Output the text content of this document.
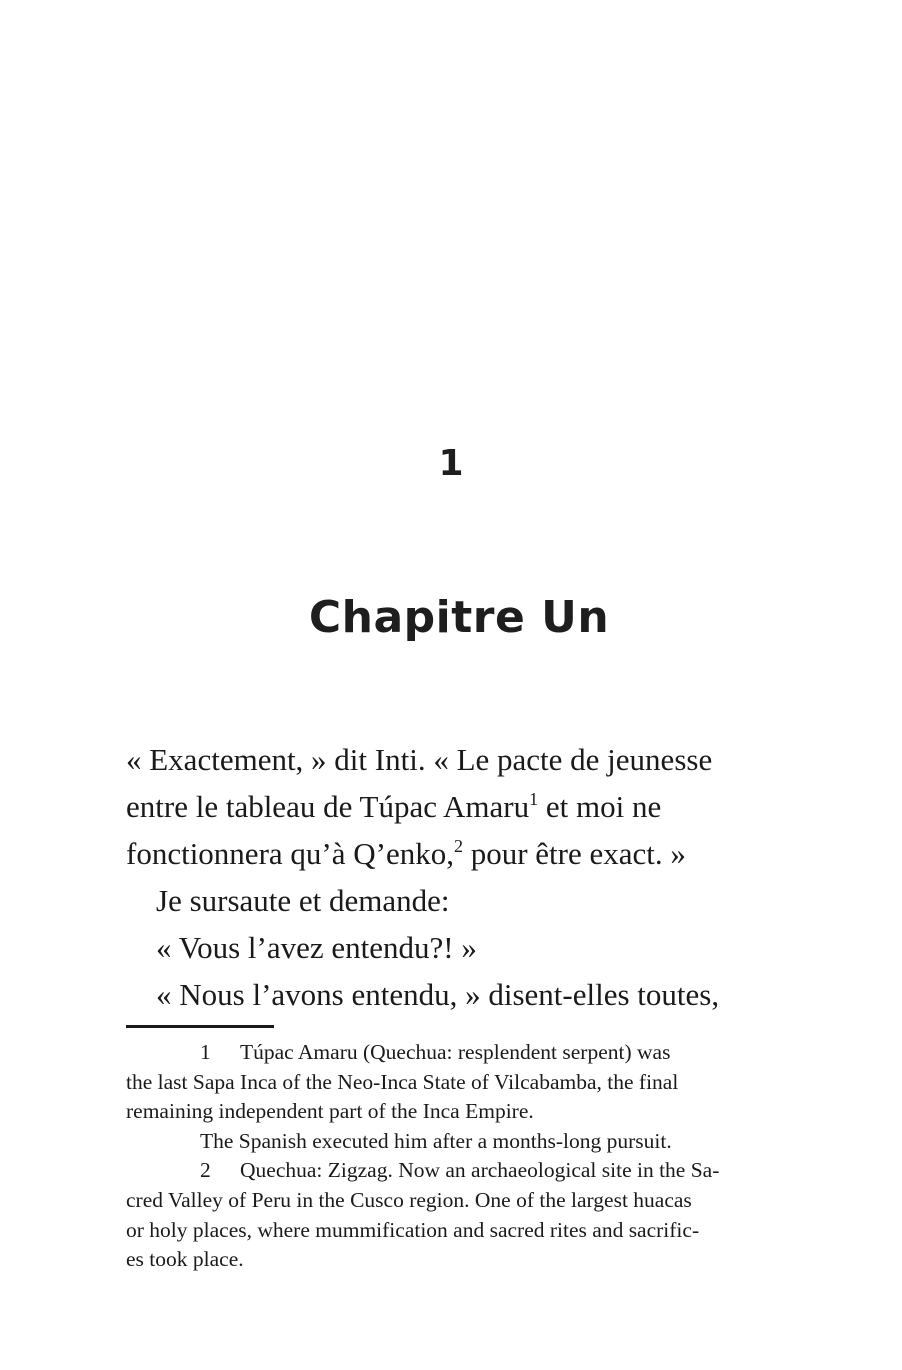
1
Chapitre Un

« Exactement, » dit Inti. « Le pacte de jeunesse

entre le tableau de Túpac Amaru$^1$ et moi ne

fonctionnera qu’à Q’enko,$^2$ pour être exact. »

Je sursaute et demande:

« Vous l’avez entendu?! »

« Nous l’avons entendu, » disent-elles toutes,

1 Túpac Amaru (Quechua: resplendent serpent) was

the last Sapa Inca of the Neo-Inca State of Vilcabamba, the final

remaining independent part of the Inca Empire.

The Spanish executed him after a months-long pursuit.

2 Quechua: Zigzag. Now an archaeological site in the Sa-

cred Valley of Peru in the Cusco region. One of the largest huacas

or holy places, where mummification and sacred rites and sacrific-

es took place.
